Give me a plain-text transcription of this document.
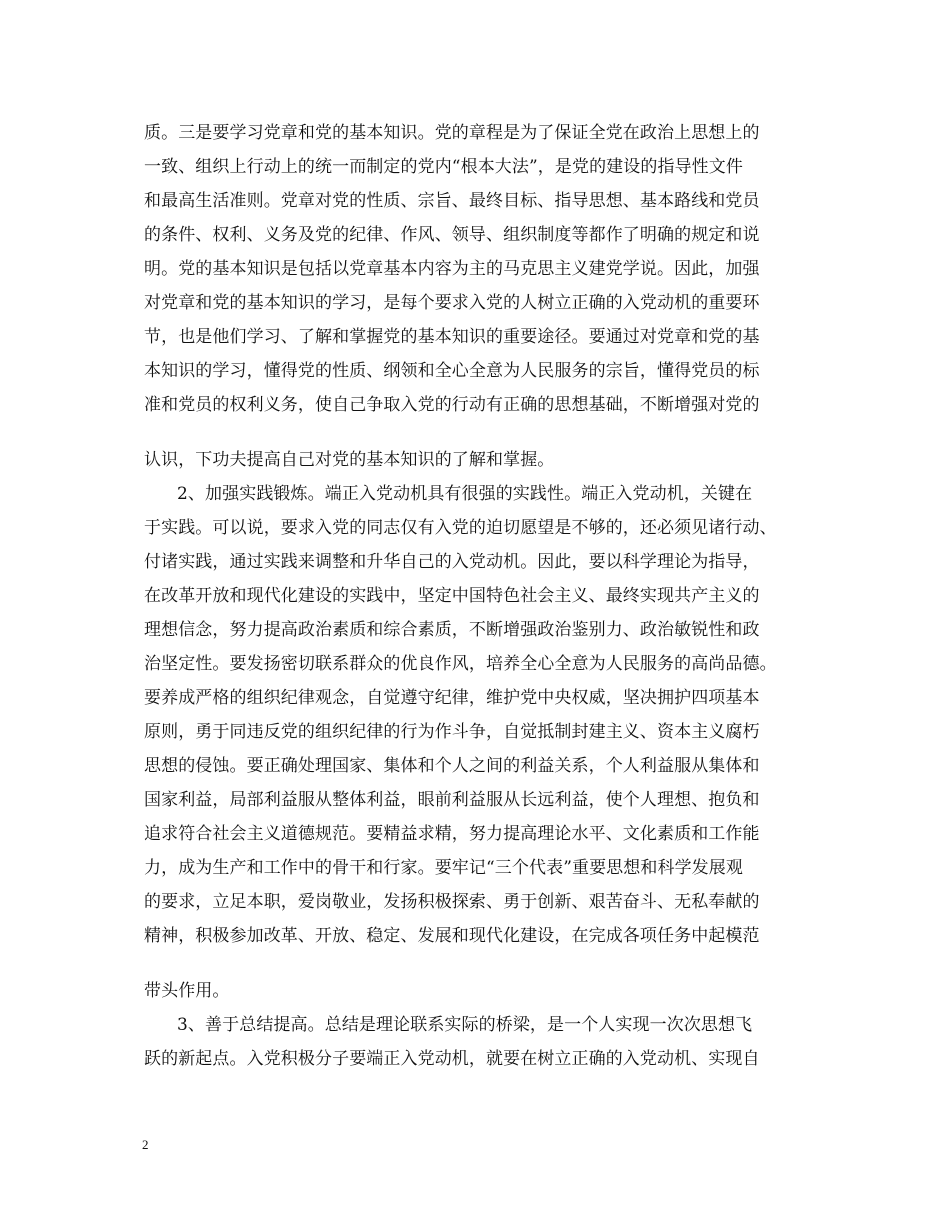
质。三是要学习党章和党的基本知识。党的章程是为了保证全党在政治上思想上的
一致、组织上行动上的统一而制定的党内“根本大法”，是党的建设的指导性文件
和最高生活准则。党章对党的性质、宗旨、最终目标、指导思想、基本路线和党员
的条件、权利、义务及党的纪律、作风、领导、组织制度等都作了明确的规定和说
明。党的基本知识是包括以党章基本内容为主的马克思主义建党学说。因此，加强
对党章和党的基本知识的学习，是每个要求入党的人树立正确的入党动机的重要环
节，也是他们学习、了解和掌握党的基本知识的重要途径。要通过对党章和党的基
本知识的学习，懂得党的性质、纲领和全心全意为人民服务的宗旨，懂得党员的标
准和党员的权利义务，使自己争取入党的行动有正确的思想基础，不断增强对党的
认识，下功夫提高自己对党的基本知识的了解和掌握。
2、加强实践锻炼。端正入党动机具有很强的实践性。端正入党动机，关键在
于实践。可以说，要求入党的同志仅有入党的迫切愿望是不够的，还必须见诸行动、
付诸实践，通过实践来调整和升华自己的入党动机。因此，要以科学理论为指导，
在改革开放和现代化建设的实践中，坚定中国特色社会主义、最终实现共产主义的
理想信念，努力提高政治素质和综合素质，不断增强政治鉴别力、政治敏锐性和政
治坚定性。要发扬密切联系群众的优良作风，培养全心全意为人民服务的高尚品德。
要养成严格的组织纪律观念，自觉遵守纪律，维护党中央权威，坚决拥护四项基本
原则，勇于同违反党的组织纪律的行为作斗争，自觉抵制封建主义、资本主义腐朽
思想的侵蚀。要正确处理国家、集体和个人之间的利益关系，个人利益服从集体和
国家利益，局部利益服从整体利益，眼前利益服从长远利益，使个人理想、抱负和
追求符合社会主义道德规范。要精益求精，努力提高理论水平、文化素质和工作能
力，成为生产和工作中的骨干和行家。要牢记“三个代表”重要思想和科学发展观
的要求，立足本职，爱岗敬业，发扬积极探索、勇于创新、艰苦奋斗、无私奉献的
精神，积极参加改革、开放、稳定、发展和现代化建设，在完成各项任务中起模范
带头作用。
3、善于总结提高。总结是理论联系实际的桥梁，是一个人实现一次次思想飞
跃的新起点。入党积极分子要端正入党动机，就要在树立正确的入党动机、实现自
2
